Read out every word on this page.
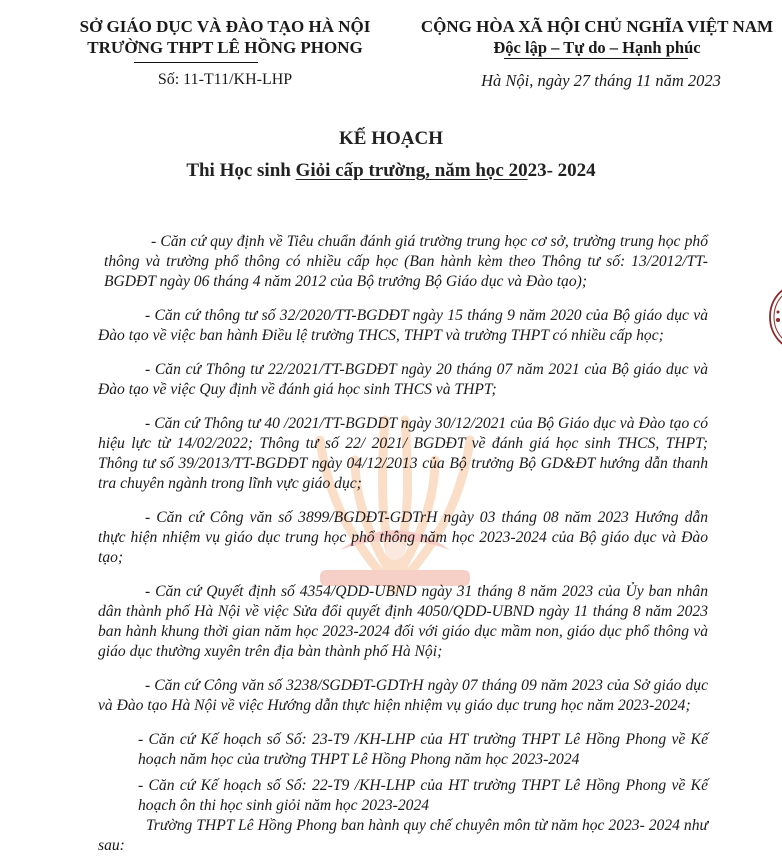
SỞ GIÁO DỤC VÀ ĐÀO TẠO HÀ NỘI
TRƯỜNG THPT LÊ HỒNG PHONG
Số: 11-T11/KH-LHP
CỘNG HÒA XÃ HỘI CHỦ NGHĨA VIỆT NAM
Độc lập – Tự do – Hạnh phúc
Hà Nội, ngày 27 tháng 11 năm 2023
KẾ HOẠCH
Thi Học sinh Giỏi cấp trường, năm học 2023- 2024

- Căn cứ quy định về Tiêu chuẩn đánh giá trường trung học cơ sở, trường trung học phổ thông và trường phổ thông có nhiều cấp học (Ban hành kèm theo Thông tư số: 13/2012/TT-BGDĐT ngày 06 tháng 4 năm 2012 của Bộ trưởng Bộ Giáo dục và Đào tạo);

- Căn cứ thông tư số 32/2020/TT-BGDĐT ngày 15 tháng 9 năm 2020 của Bộ giáo dục và Đào tạo về việc ban hành Điều lệ trường THCS, THPT và trường THPT có nhiều cấp học;

- Căn cứ Thông tư 22/2021/TT-BGDĐT ngày 20 tháng 07 năm 2021 của Bộ giáo dục và Đào tạo về việc Quy định về đánh giá học sinh THCS và THPT;

- Căn cứ Thông tư 40 /2021/TT-BGDDT ngày 30/12/2021 của Bộ Giáo dục và Đào tạo có hiệu lực từ 14/02/2022; Thông tư số 22/ 2021/ BGDĐT về đánh giá học sinh THCS, THPT; Thông tư số 39/2013/TT-BGDĐT ngày 04/12/2013 của Bộ trưởng Bộ GD&ĐT hướng dẫn thanh tra chuyên ngành trong lĩnh vực giáo dục;

- Căn cứ Công văn số 3899/BGDĐT-GDTrH ngày 03 tháng 08 năm 2023 Hướng dẫn thực hiện nhiệm vụ giáo dục trung học phổ thông năm học 2023-2024 của Bộ giáo dục và Đào tạo;

- Căn cứ Quyết định số 4354/QDD-UBND ngày 31 tháng 8 năm 2023 của Ủy ban nhân dân thành phố Hà Nội về việc Sửa đổi quyết định 4050/QDD-UBND ngày 11 tháng 8 năm 2023 ban hành khung thời gian năm học 2023-2024 đối với giáo dục mầm non, giáo dục phổ thông và giáo dục thường xuyên trên địa bàn thành phố Hà Nội;

- Căn cứ Công văn số 3238/SGDĐT-GDTrH ngày 07 tháng 09 năm 2023 của Sở giáo dục và Đào tạo Hà Nội về việc Hướng dẫn thực hiện nhiệm vụ giáo dục trung học năm 2023-2024;

- Căn cứ Kế hoạch số Số: 23-T9 /KH-LHP của HT trường THPT Lê Hồng Phong về Kế hoạch năm học của trường THPT Lê Hồng Phong năm học 2023-2024

- Căn cứ Kế hoạch số Số: 22-T9 /KH-LHP của HT trường THPT Lê Hồng Phong về Kế hoạch ôn thi học sinh giỏi năm học 2023-2024

Trường THPT Lê Hồng Phong ban hành quy chế chuyên môn từ năm học 2023- 2024 như sau:
